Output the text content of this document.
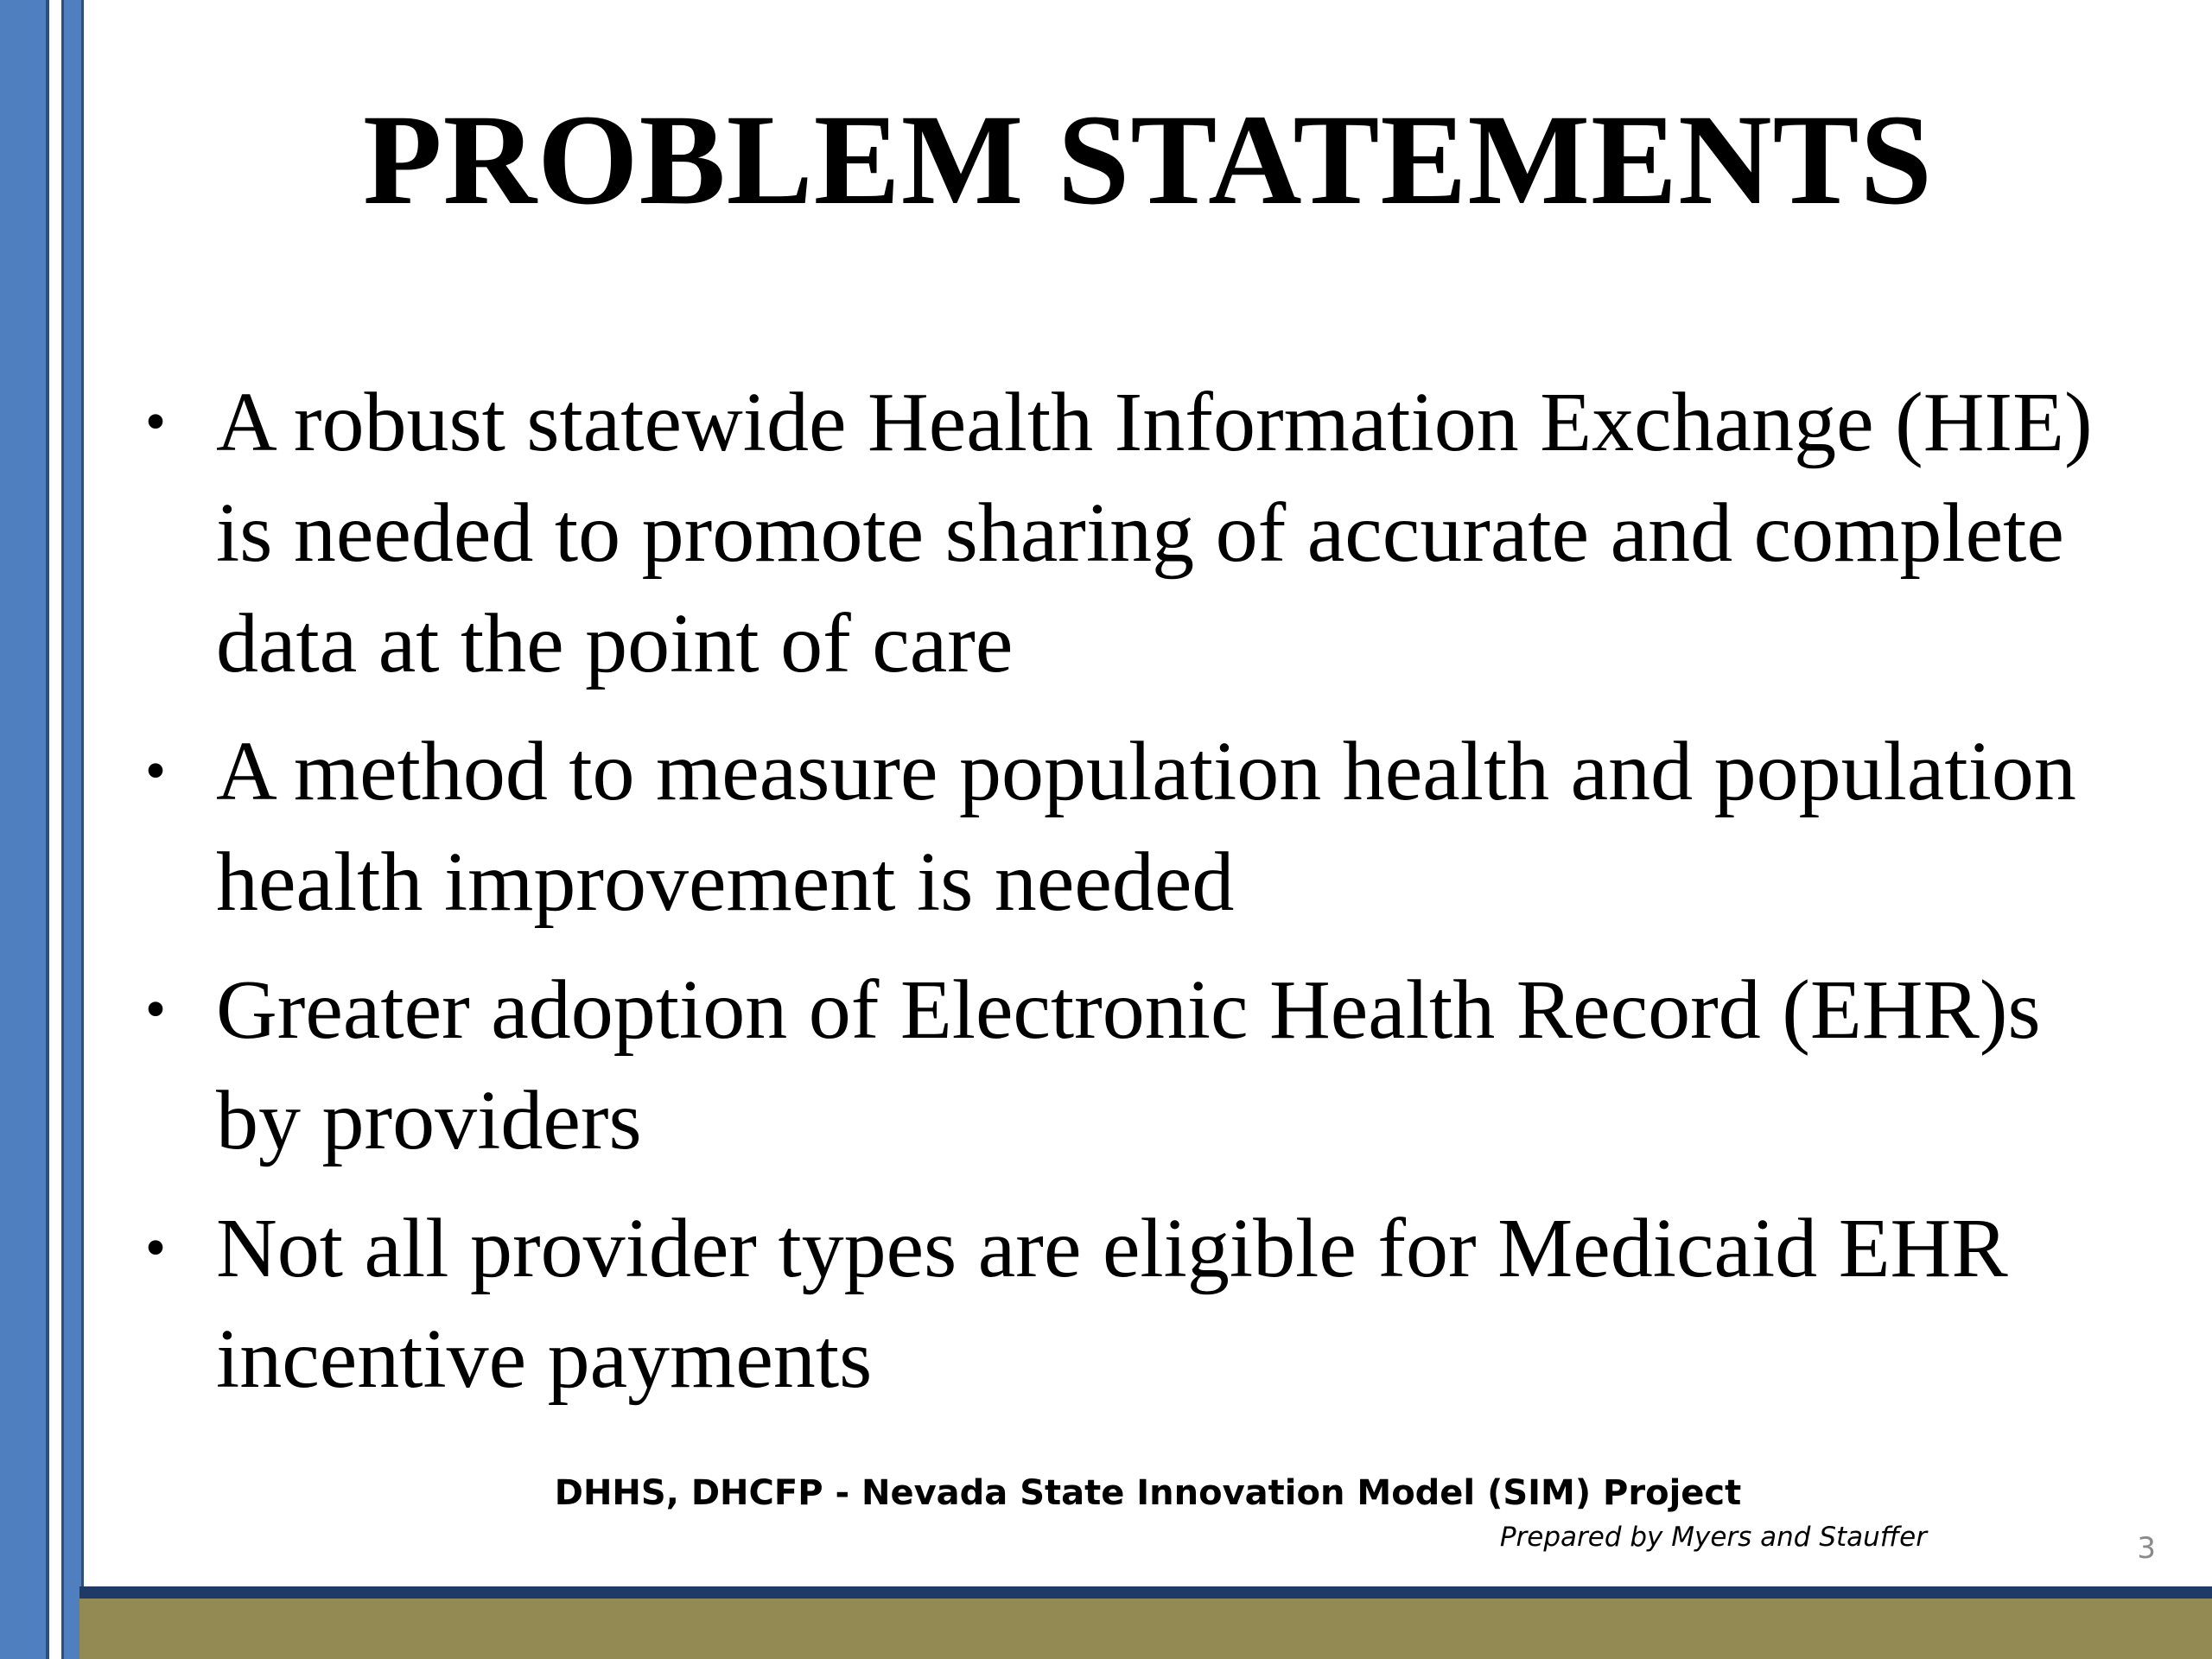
PROBLEM STATEMENTS
• A robust statewide Health Information Exchange (HIE) is needed to promote sharing of accurate and complete data at the point of care
• A method to measure population health and population health improvement is needed
• Greater adoption of Electronic Health Record (EHR)s by providers
• Not all provider types are eligible for Medicaid EHR incentive payments
DHHS, DHCFP - Nevada State Innovation Model (SIM) Project
Prepared by Myers and Stauffer	3
